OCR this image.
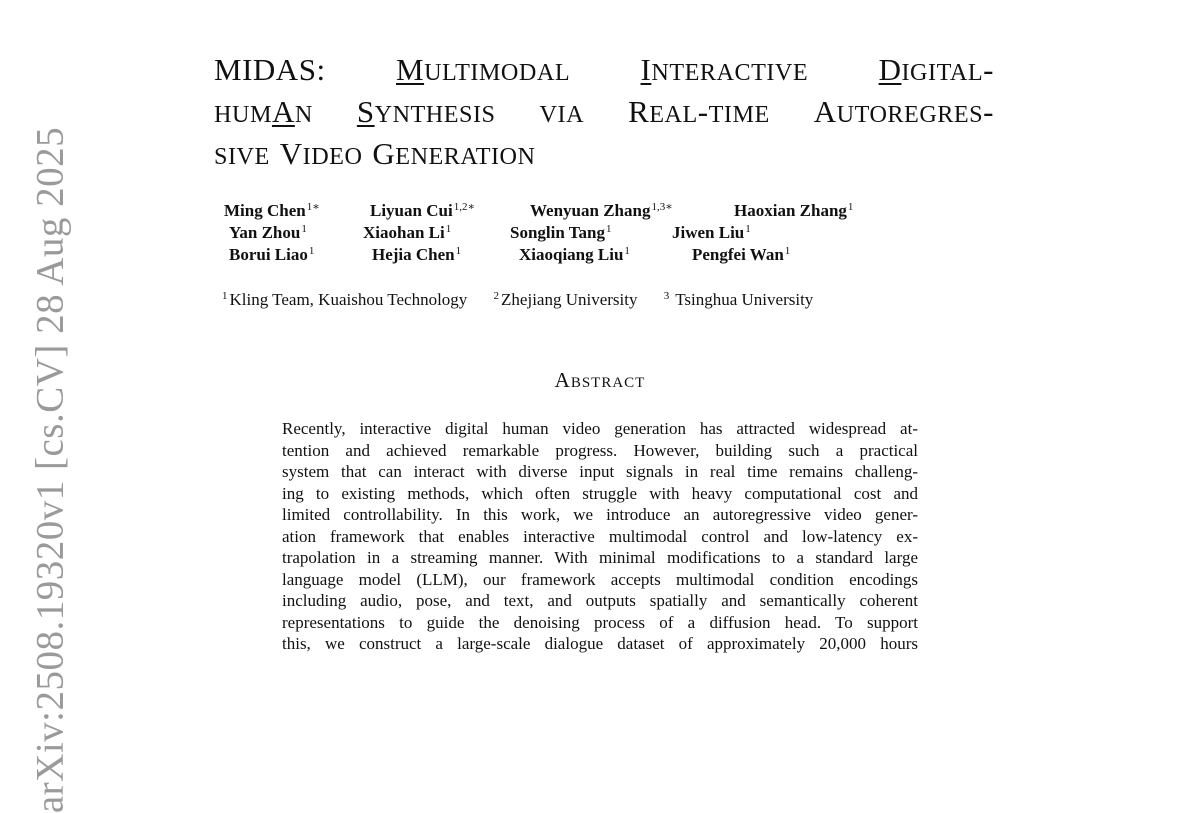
arXiv:2508.19320v1 [cs.CV] 28 Aug 2025
MIDAS: MULTIMODAL INTERACTIVE DIGITAL-
HUMAN SYNTHESIS VIA REAL-TIME AUTOREGRES-
SIVE VIDEO GENERATION
Ming Chen$^{1∗}$	Liyuan Cui$^{1,2∗}$	Wenyuan Zhang$^{1,3∗}$	Haoxian Zhang$^1$
Yan Zhou$^1$	Xiaohan Li$^1$	Songlin Tang$^1$	Jiwen Liu$^1$
Borui Liao$^1$	Hejia Chen$^1$	Xiaoqiang Liu$^1$	Pengfei Wan$^1$
$^1$ Kling Team, Kuaishou Technology $^2$ Zhejiang University $^3$ Tsinghua University
Abstract
Recently, interactive digital human video generation has attracted widespread at-
tention and achieved remarkable progress. However, building such a practical
system that can interact with diverse input signals in real time remains challeng-
ing to existing methods, which often struggle with heavy computational cost and
limited controllability. In this work, we introduce an autoregressive video gener-
ation framework that enables interactive multimodal control and low-latency ex-
trapolation in a streaming manner. With minimal modifications to a standard large
language model (LLM), our framework accepts multimodal condition encodings
including audio, pose, and text, and outputs spatially and semantically coherent
representations to guide the denoising process of a diffusion head. To support
this, we construct a large-scale dialogue dataset of approximately 20,000 hours
